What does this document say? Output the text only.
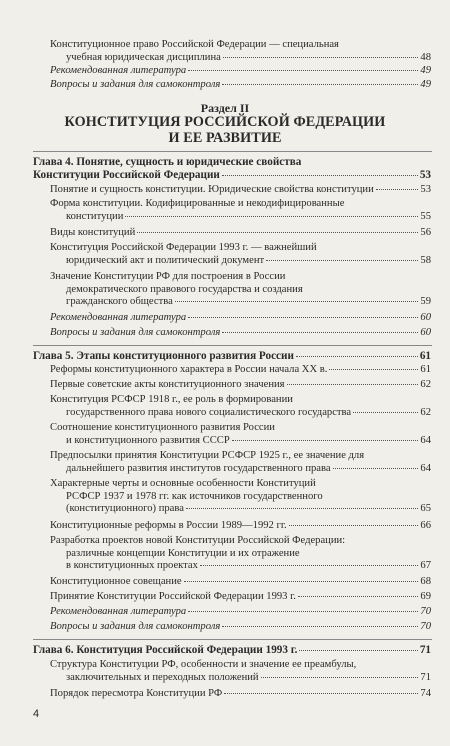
Конституционное право Российской Федерации — специальная
учебная юридическая дисциплина	48
Рекомендованная литература	49
Вопросы и задания для самоконтроля	49
Раздел II
КОНСТИТУЦИЯ РОССИЙСКОЙ ФЕДЕРАЦИИ
И ЕЕ РАЗВИТИЕ
Глава 4. Понятие, сущность и юридические свойства
Конституции Российской Федерации	53
Понятие и сущность конституции. Юридические свойства конституции	53
Форма конституции. Кодифицированные и некодифицированные
конституции	55
Виды конституций	56
Конституция Российской Федерации 1993 г. — важнейший
юридический акт и политический документ	58
Значение Конституции РФ для построения в России
демократического правового государства и создания
гражданского общества	59
Рекомендованная литература	60
Вопросы и задания для самоконтроля	60
Глава 5. Этапы конституционного развития России	61
Реформы конституционного характера в России начала XX в.	61
Первые советские акты конституционного значения	62
Конституция РСФСР 1918 г., ее роль в формировании
государственного права нового социалистического государства	62
Соотношение конституционного развития России
и конституционного развития СССР	64
Предпосылки принятия Конституции РСФСР 1925 г., ее значение для
дальнейшего развития институтов государственного права	64
Характерные черты и основные особенности Конституций
РСФСР 1937 и 1978 гг. как источников государственного
(конституционного) права	65
Конституционные реформы в России 1989—1992 гг.	66
Разработка проектов новой Конституции Российской Федерации:
различные концепции Конституции и их отражение
в конституционных проектах	67
Конституционное совещание	68
Принятие Конституции Российской Федерации 1993 г.	69
Рекомендованная литература	70
Вопросы и задания для самоконтроля	70
Глава 6. Конституция Российской Федерации 1993 г.	71
Структура Конституции РФ, особенности и значение ее преамбулы,
заключительных и переходных положений	71
Порядок пересмотра Конституции РФ	74
4
